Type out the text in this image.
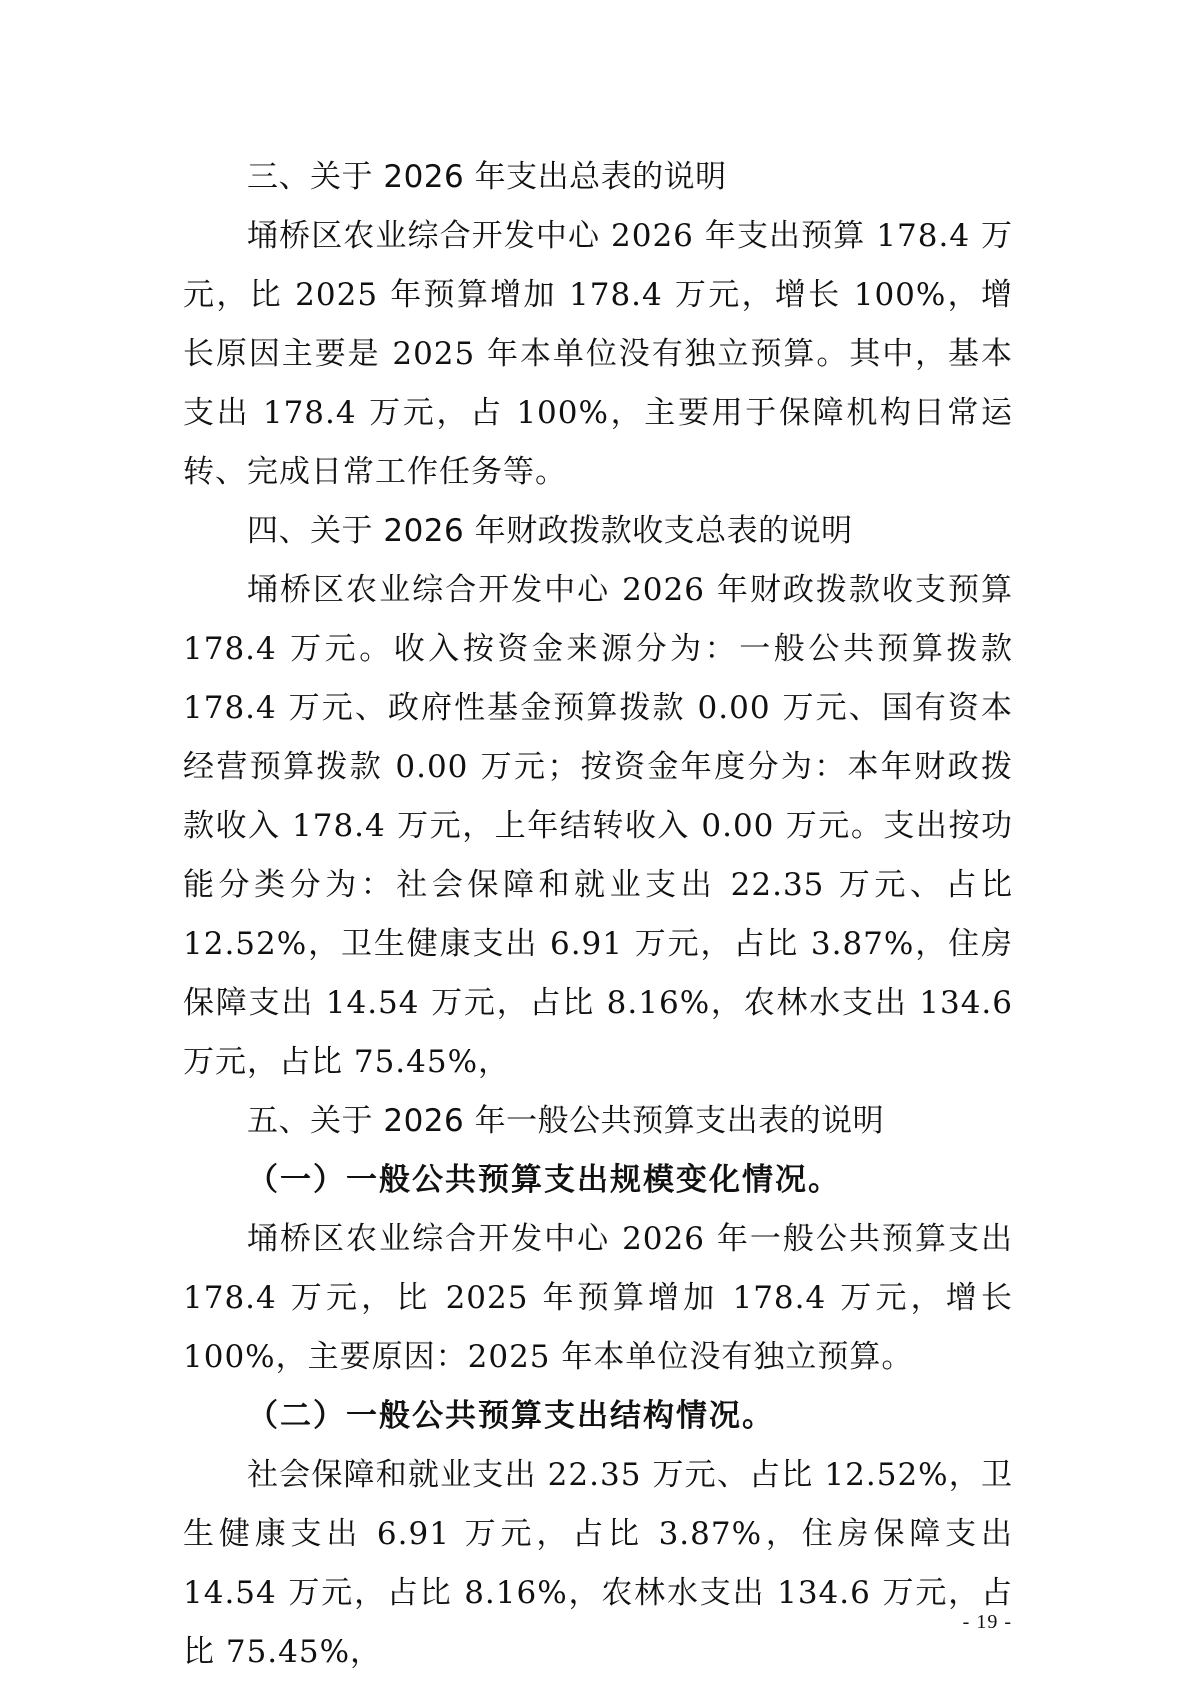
三、关于 2026 年支出总表的说明

埇桥区农业综合开发中心 2026 年支出预算 178.4 万元，比 2025 年预算增加 178.4 万元，增长 100%，增长原因主要是 2025 年本单位没有独立预算。其中，基本支出 178.4 万元，占 100%，主要用于保障机构日常运转、完成日常工作任务等。

四、关于 2026 年财政拨款收支总表的说明

埇桥区农业综合开发中心 2026 年财政拨款收支预算 178.4 万元。收入按资金来源分为：一般公共预算拨款 178.4 万元、政府性基金预算拨款 0.00 万元、国有资本经营预算拨款 0.00 万元；按资金年度分为：本年财政拨款收入 178.4 万元，上年结转收入 0.00 万元。支出按功能分类分为：社会保障和就业支出 22.35 万元、占比 12.52%，卫生健康支出 6.91 万元，占比 3.87%，住房保障支出 14.54 万元，占比 8.16%，农林水支出 134.6 万元，占比 75.45%，

五、关于 2026 年一般公共预算支出表的说明

（一）一般公共预算支出规模变化情况。

埇桥区农业综合开发中心 2026 年一般公共预算支出 178.4 万元，比 2025 年预算增加 178.4 万元，增长 100%，主要原因：2025 年本单位没有独立预算。

（二）一般公共预算支出结构情况。

社会保障和就业支出 22.35 万元、占比 12.52%，卫生健康支出 6.91 万元，占比 3.87%，住房保障支出 14.54 万元，占比 8.16%，农林水支出 134.6 万元，占比 75.45%，

- 19 -
